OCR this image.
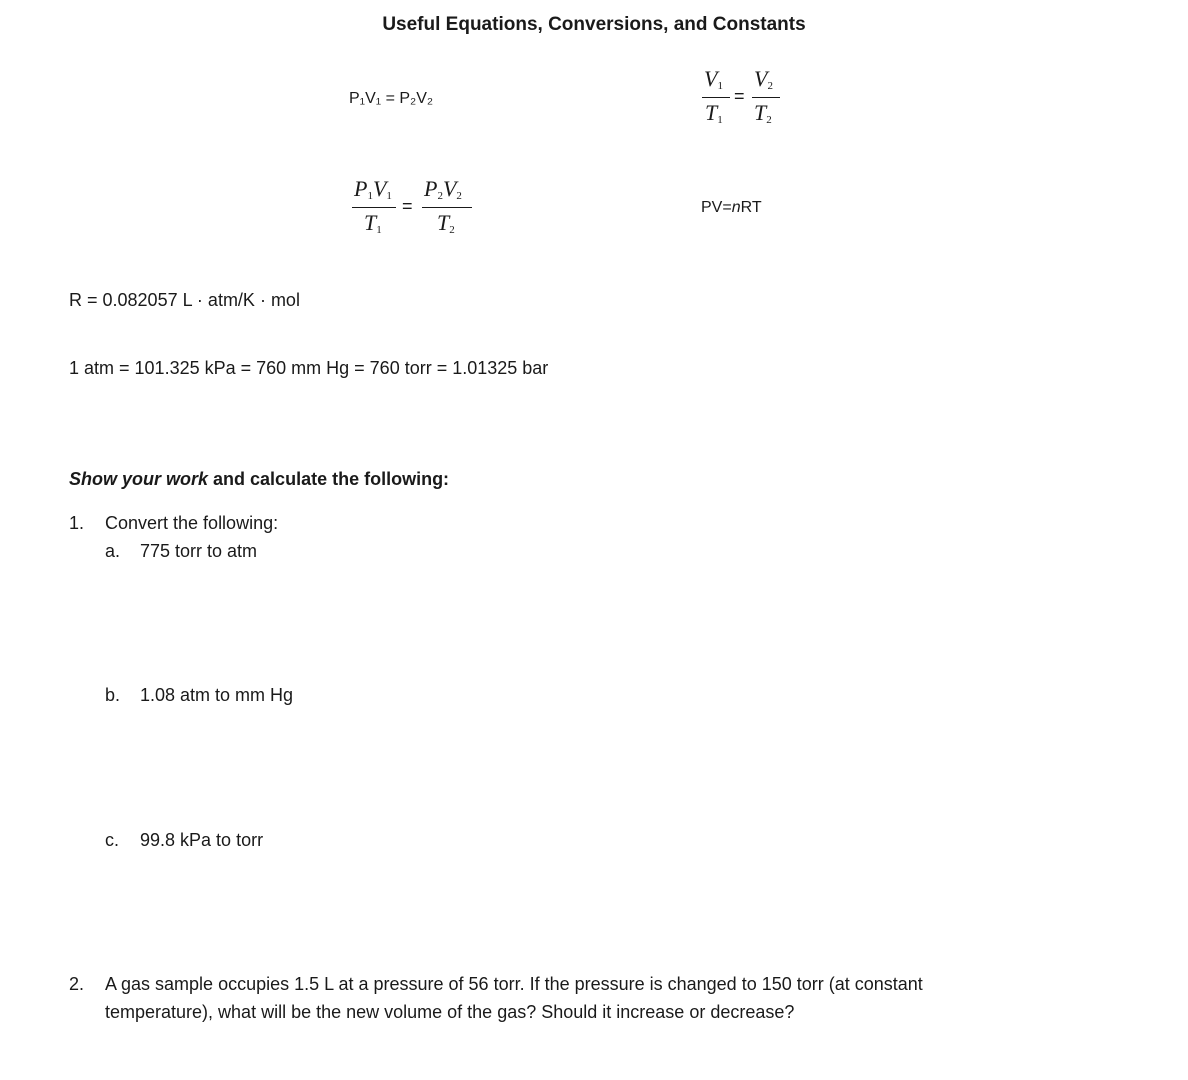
Useful Equations, Conversions, and Constants
P₁V₁ = P₂V₂
$V_1$
$T_1$
=
$V_2$
$T_2$
$P_1V_1$
$T_1$
=
$P_2V_2$
$T_2$
PV=nRT
R = 0.082057 L · atm/K · mol
1 atm = 101.325 kPa = 760 mm Hg = 760 torr = 1.01325 bar
Show your work and calculate the following:
1. Convert the following:
a. 775 torr to atm
b. 1.08 atm to mm Hg
c. 99.8 kPa to torr
2. A gas sample occupies 1.5 L at a pressure of 56 torr. If the pressure is changed to 150 torr (at constant
temperature), what will be the new volume of the gas? Should it increase or decrease?
